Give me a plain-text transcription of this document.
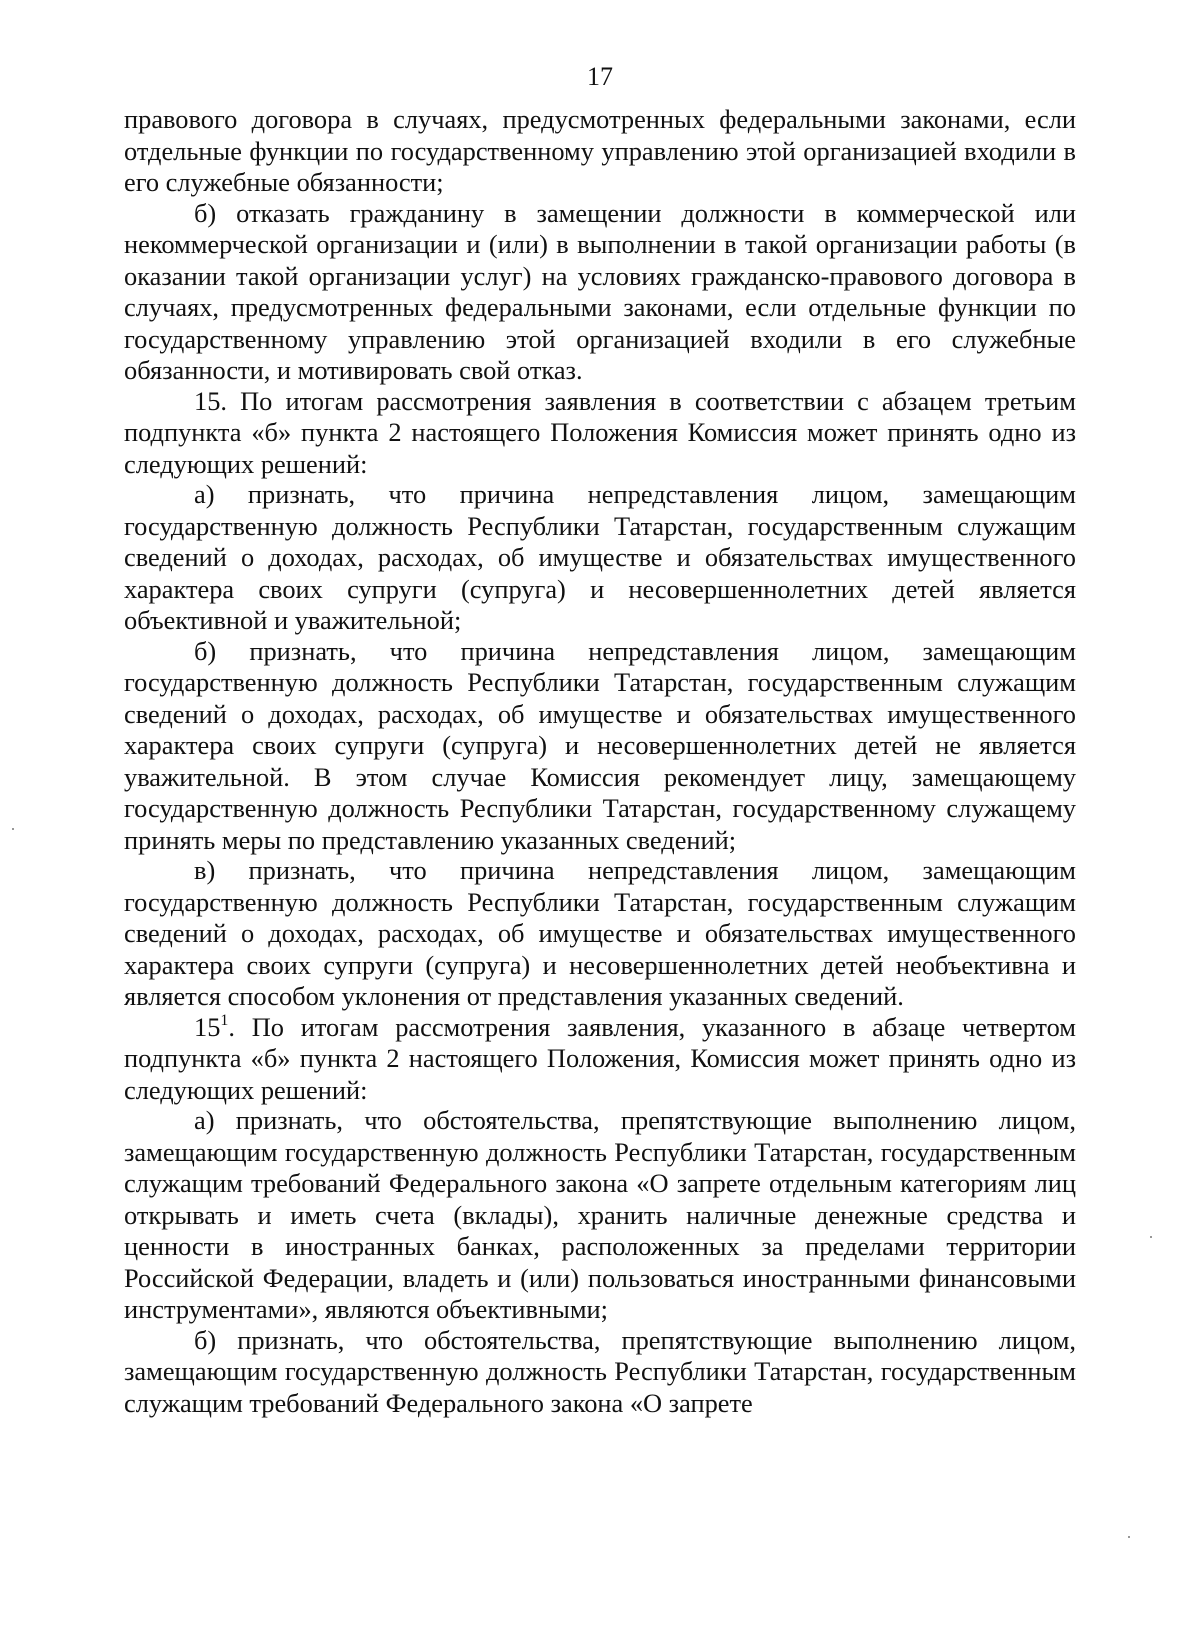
17

правового договора в случаях, предусмотренных федеральными законами, если отдельные функции по государственному управлению этой организацией входили в его служебные обязанности;

б) отказать гражданину в замещении должности в коммерческой или некоммерческой организации и (или) в выполнении в такой организации работы (в оказании такой организации услуг) на условиях гражданско-правового договора в случаях, предусмотренных федеральными законами, если отдельные функции по государственному управлению этой организацией входили в его служебные обязанности, и мотивировать свой отказ.

15. По итогам рассмотрения заявления в соответствии с абзацем третьим подпункта «б» пункта 2 настоящего Положения Комиссия может принять одно из следующих решений:

а) признать, что причина непредставления лицом, замещающим государственную должность Республики Татарстан, государственным служащим сведений о доходах, расходах, об имуществе и обязательствах имущественного характера своих супруги (супруга) и несовершеннолетних детей является объективной и уважительной;

б) признать, что причина непредставления лицом, замещающим государственную должность Республики Татарстан, государственным служащим сведений о доходах, расходах, об имуществе и обязательствах имущественного характера своих супруги (супруга) и несовершеннолетних детей не является уважительной. В этом случае Комиссия рекомендует лицу, замещающему государственную должность Республики Татарстан, государственному служащему принять меры по представлению указанных сведений;

в) признать, что причина непредставления лицом, замещающим государственную должность Республики Татарстан, государственным служащим сведений о доходах, расходах, об имуществе и обязательствах имущественного характера своих супруги (супруга) и несовершеннолетних детей необъективна и является способом уклонения от представления указанных сведений.

$15^1$. По итогам рассмотрения заявления, указанного в абзаце четвертом подпункта «б» пункта 2 настоящего Положения, Комиссия может принять одно из следующих решений:

а) признать, что обстоятельства, препятствующие выполнению лицом, замещающим государственную должность Республики Татарстан, государственным служащим требований Федерального закона «О запрете отдельным категориям лиц открывать и иметь счета (вклады), хранить наличные денежные средства и ценности в иностранных банках, расположенных за пределами территории Российской Федерации, владеть и (или) пользоваться иностранными финансовыми инструментами», являются объективными;

б) признать, что обстоятельства, препятствующие выполнению лицом, замещающим государственную должность Республики Татарстан, государственным служащим требований Федерального закона «О запрете
